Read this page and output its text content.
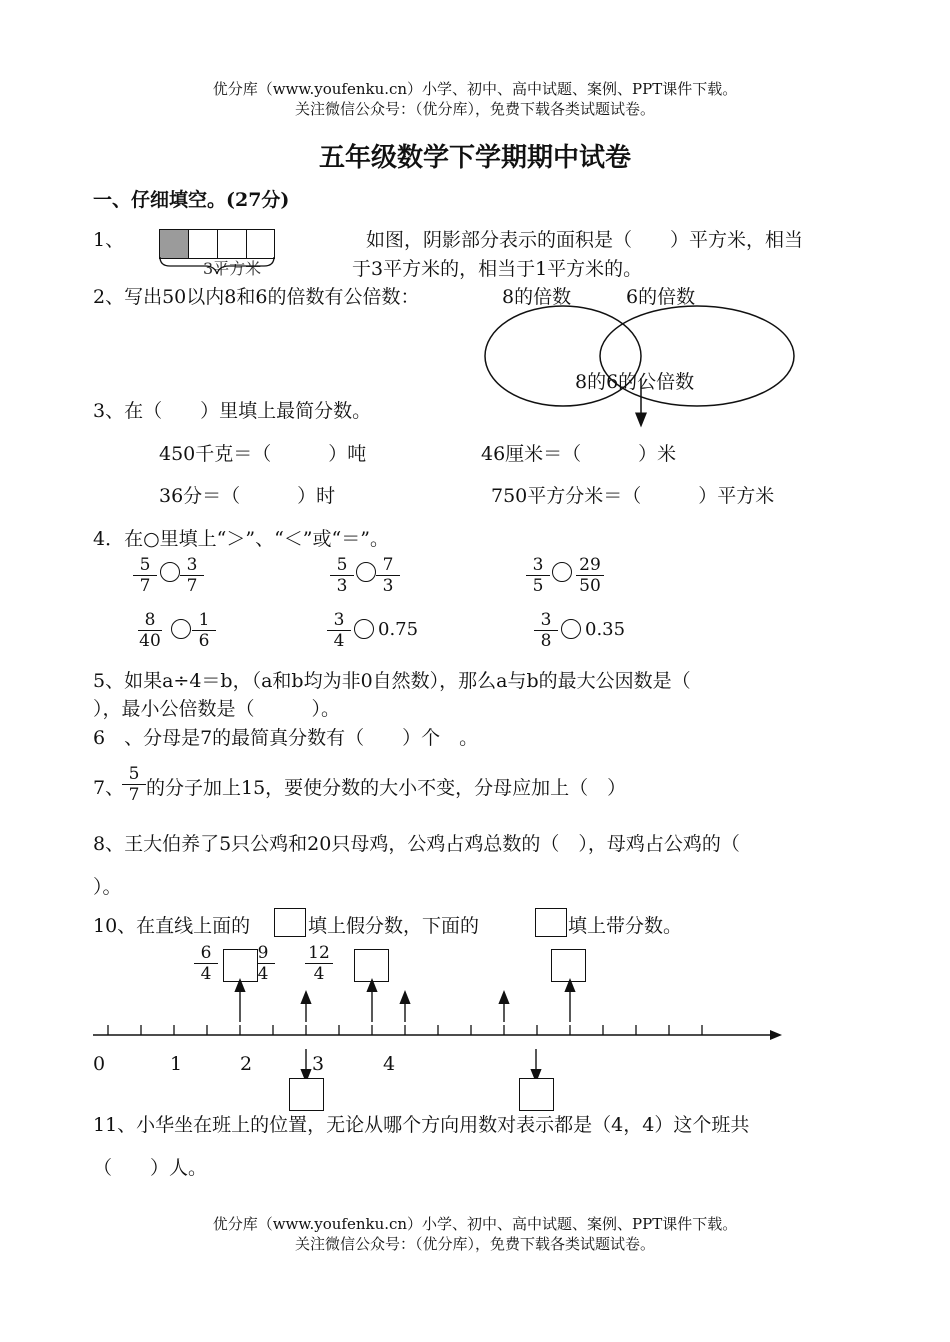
优分库（www.youfenku.cn）小学、初中、高中试题、案例、PPT课件下载。
关注微信公众号：（优分库），免费下载各类试题试卷。
五年级数学下学期期中试卷
一、仔细填空。(27分)
1、
3平方米
如图，阴影部分表示的面积是（　　）平方米，相当
于3平方米的，相当于1平方米的。
2、写出50以内8和6的倍数有公倍数：	8的倍数	6的倍数
8的6的公倍数
3、在（　　）里填上最简分数。
450千克＝（　　　）吨	46厘米＝（　　　）米
36分＝（　　　）时	750平方分米＝（　　　）平方米
4．在○里填上“＞”、“＜”或“＝”。
$\frac{5}{7} \frac{3}{7}$	$\frac{5}{3} \frac{7}{3}$	$\frac{3}{5} \frac{29}{50}$
$\frac{8}{40} \frac{1}{6}$	$\frac{3}{4} 0.75$	$\frac{3}{8} 0.35$
5、如果a÷4＝b，（a和b均为非0自然数），那么a与b的最大公因数是（
），最小公倍数是（　　　）。
6　、分母是7的最简真分数有（　　）个　。
7、
$\frac{5}{7}$ 的分子加上15，要使分数的大小不变，分母应加上（　）
8、王大伯养了5只公鸡和20只母鸡，公鸡占鸡总数的（　），母鸡占公鸡的（
）。
10、在直线上面的	填上假分数，下面的	填上带分数。
$\frac{6}{4} \frac{9}{4} \frac{12}{4}$
0	1	2	3	4
11、小华坐在班上的位置，无论从哪个方向用数对表示都是（4，4）这个班共
（　　）人。
优分库（www.youfenku.cn）小学、初中、高中试题、案例、PPT课件下载。
关注微信公众号：（优分库），免费下载各类试题试卷。
